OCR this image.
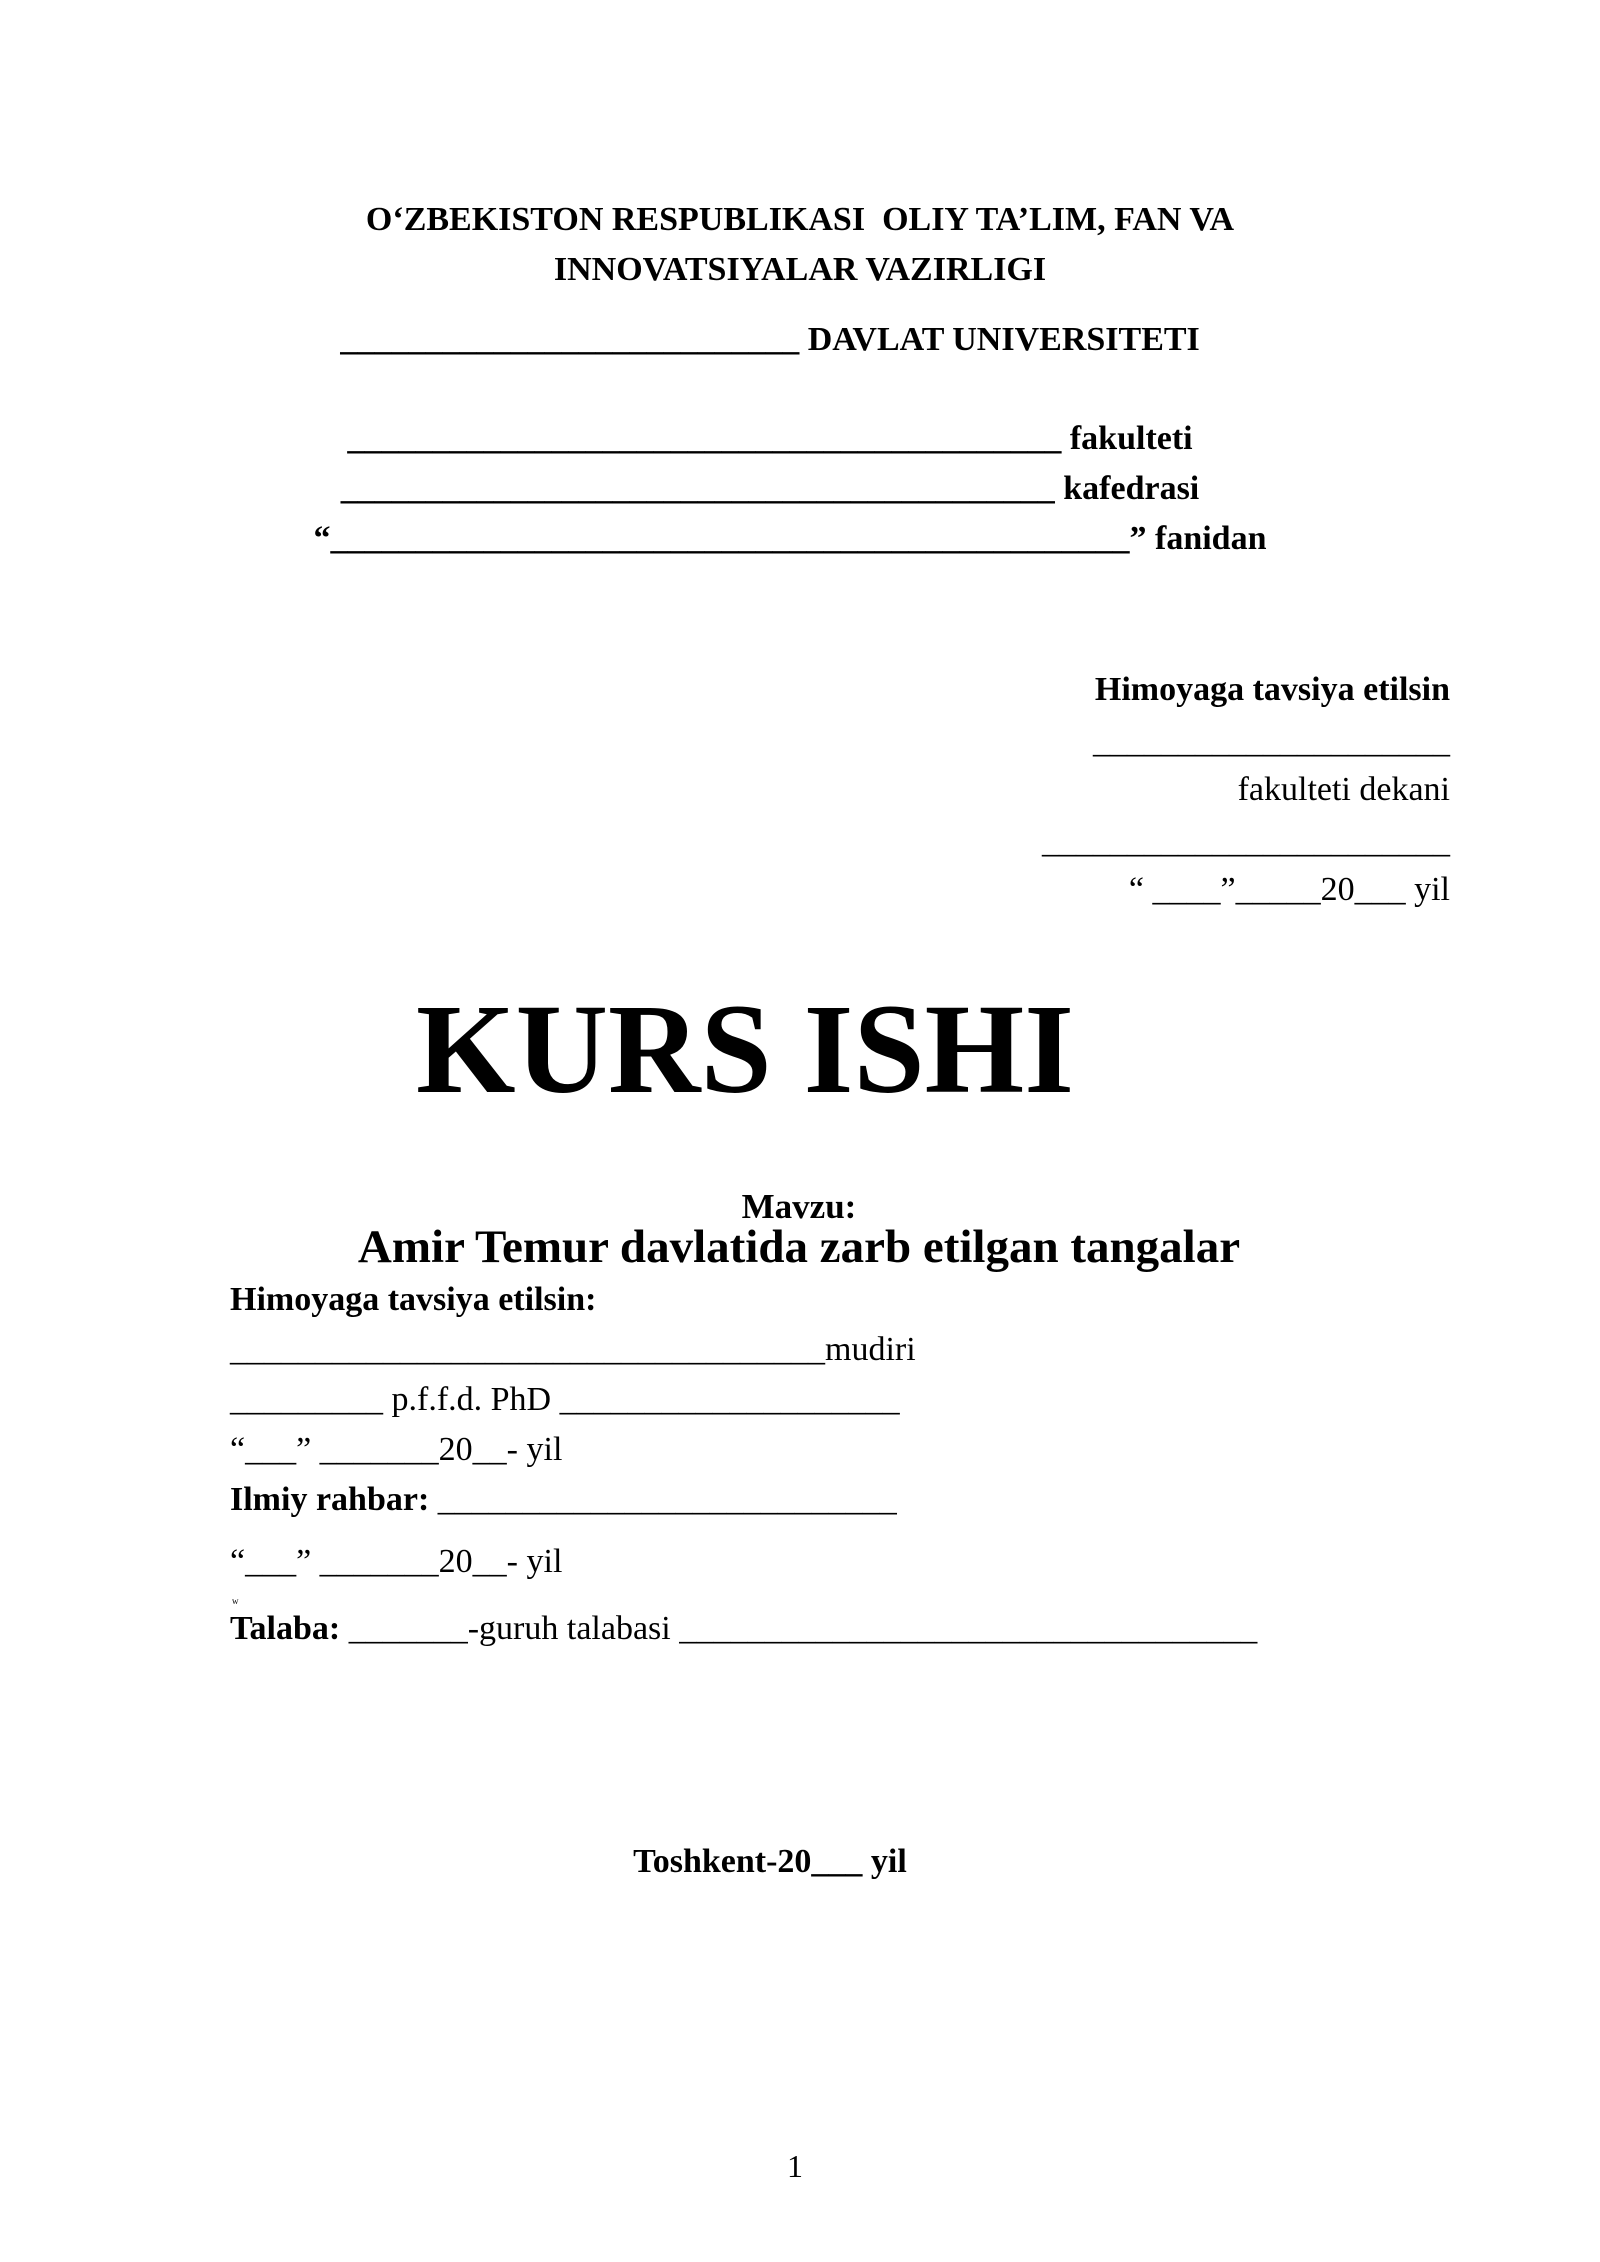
O‘ZBEKISTON RESPUBLIKASI  OLIY TA’LIM, FAN VA
INNOVATSIYALAR VAZIRLIGI
___________________________ DAVLAT UNIVERSITETI
__________________________________________ fakulteti
__________________________________________ kafedrasi
“_______________________________________________” fanidan
Himoyaga tavsiya etilsin
_____________________
fakulteti dekani
________________________
“ ____”_____20___ yil
KURS ISHI

Mavzu:
Amir Temur davlatida zarb etilgan tangalar

Himoyaga tavsiya etilsin:
___________________________________mudiri
_________ p.f.f.d. PhD ____________________
“___” _______20__- yil
Ilmiy rahbar: ___________________________
“___” _______20__- yil
w
Talaba: _______-guruh talabasi __________________________________
Toshkent-20___ yil
1
